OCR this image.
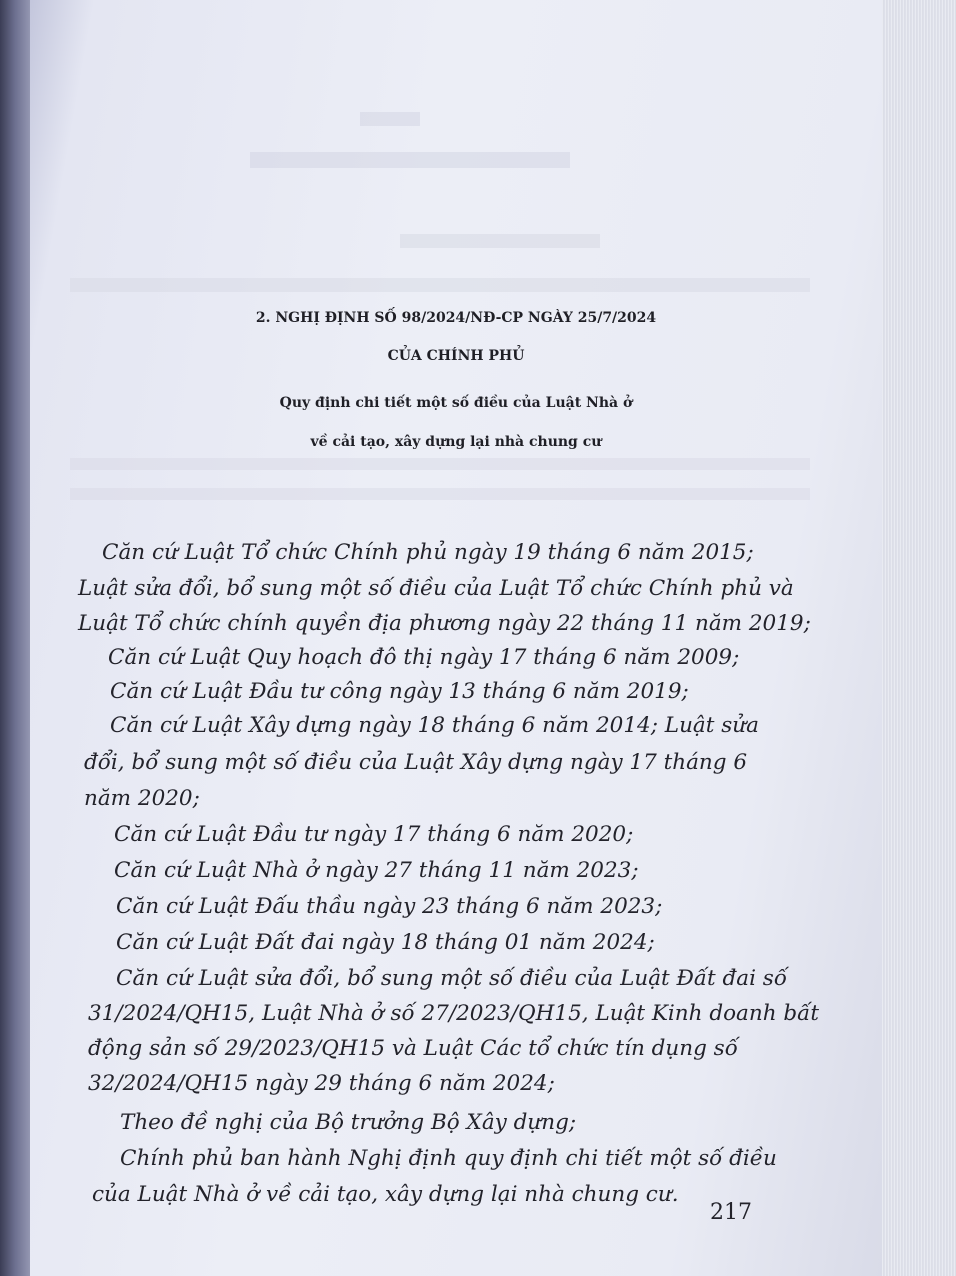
2. NGHỊ ĐỊNH SỐ 98/2024/NĐ-CP NGÀY 25/7/2024
CỦA CHÍNH PHỦ
Quy định chi tiết một số điều của Luật Nhà ở
về cải tạo, xây dựng lại nhà chung cư
Căn cứ Luật Tổ chức Chính phủ ngày 19 tháng 6 năm 2015;
Luật sửa đổi, bổ sung một số điều của Luật Tổ chức Chính phủ và
Luật Tổ chức chính quyền địa phương ngày 22 tháng 11 năm 2019;
Căn cứ Luật Quy hoạch đô thị ngày 17 tháng 6 năm 2009;
Căn cứ Luật Đầu tư công ngày 13 tháng 6 năm 2019;
Căn cứ Luật Xây dựng ngày 18 tháng 6 năm 2014; Luật sửa
đổi, bổ sung một số điều của Luật Xây dựng ngày 17 tháng 6
năm 2020;
Căn cứ Luật Đầu tư ngày 17 tháng 6 năm 2020;
Căn cứ Luật Nhà ở ngày 27 tháng 11 năm 2023;
Căn cứ Luật Đấu thầu ngày 23 tháng 6 năm 2023;
Căn cứ Luật Đất đai ngày 18 tháng 01 năm 2024;
Căn cứ Luật sửa đổi, bổ sung một số điều của Luật Đất đai số
31/2024/QH15, Luật Nhà ở số 27/2023/QH15, Luật Kinh doanh bất
động sản số 29/2023/QH15 và Luật Các tổ chức tín dụng số
32/2024/QH15 ngày 29 tháng 6 năm 2024;
Theo đề nghị của Bộ trưởng Bộ Xây dựng;
Chính phủ ban hành Nghị định quy định chi tiết một số điều
của Luật Nhà ở về cải tạo, xây dựng lại nhà chung cư.
217
